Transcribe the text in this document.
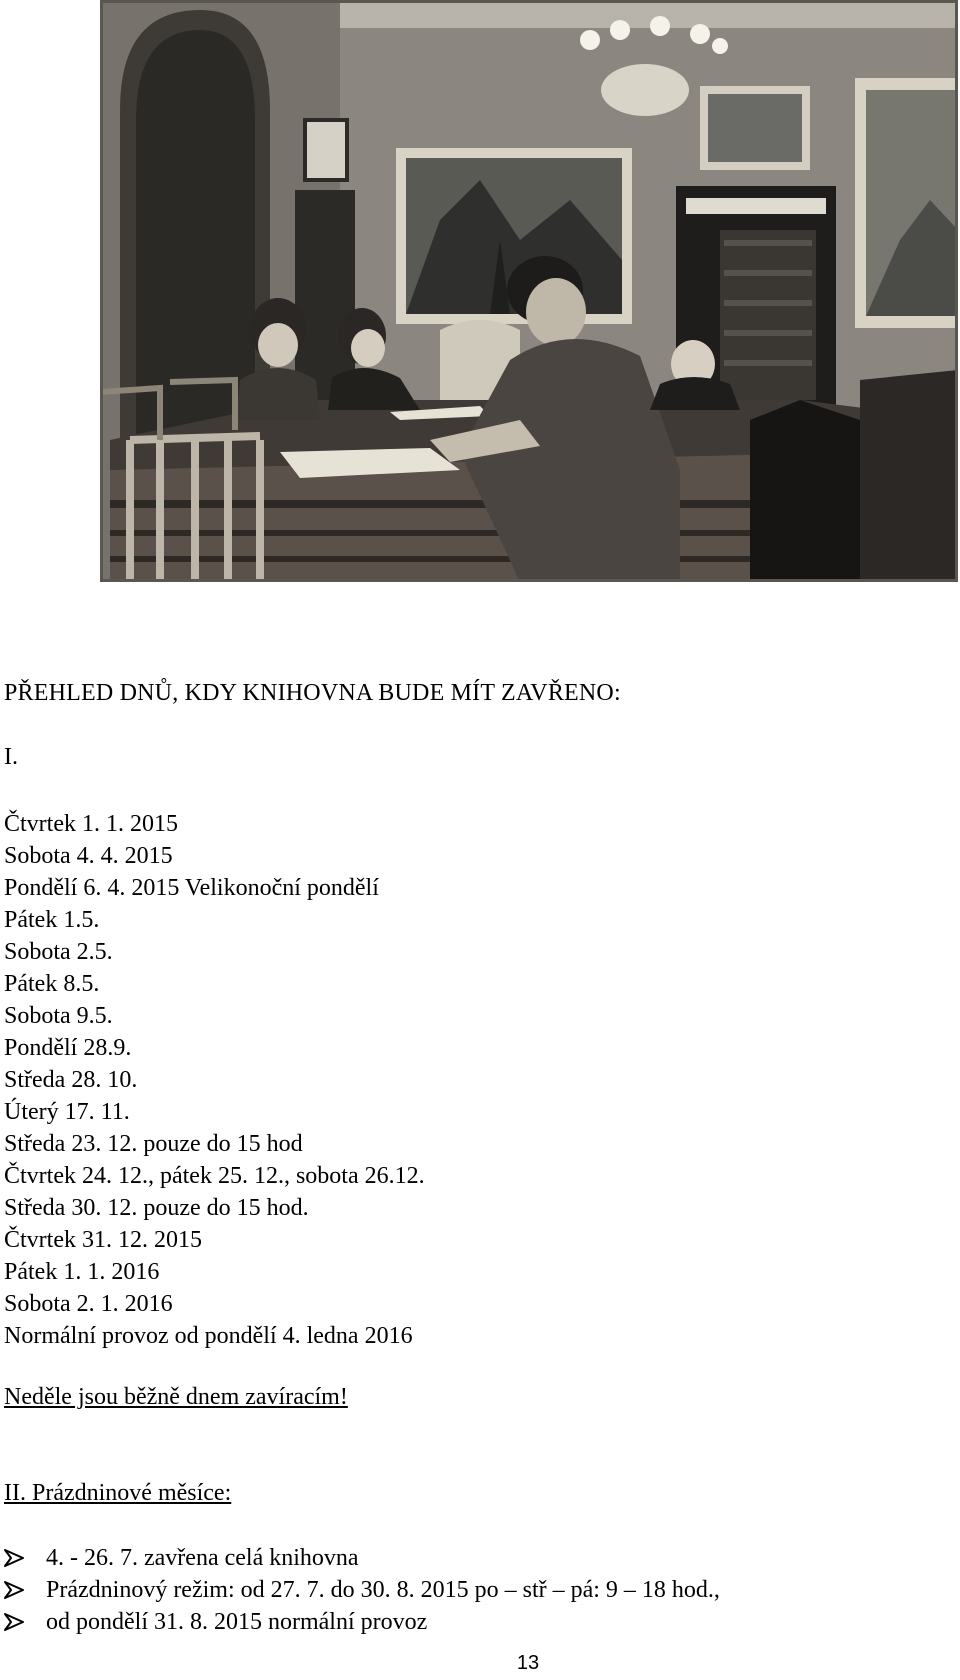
PŘEHLED DNŮ, KDY KNIHOVNA BUDE MÍT ZAVŘENO:
I.
Čtvrtek 1. 1. 2015
Sobota 4. 4. 2015
Pondělí 6. 4. 2015 Velikonoční pondělí
Pátek 1.5.
Sobota 2.5.
Pátek 8.5.
Sobota 9.5.
Pondělí 28.9.
Středa 28. 10.
Úterý 17. 11.
Středa 23. 12. pouze do 15 hod
Čtvrtek 24. 12., pátek 25. 12., sobota 26.12.
Středa 30. 12. pouze do 15 hod.
Čtvrtek 31. 12. 2015
Pátek 1. 1. 2016
Sobota 2. 1. 2016
Normální provoz od pondělí 4. ledna 2016
Neděle jsou běžně dnem zavíracím!
II. Prázdninové měsíce:
4. - 26. 7. zavřena celá knihovna
Prázdninový režim: od 27. 7. do 30. 8. 2015 po – stř – pá: 9 – 18 hod.,
od pondělí 31. 8. 2015 normální provoz
13
